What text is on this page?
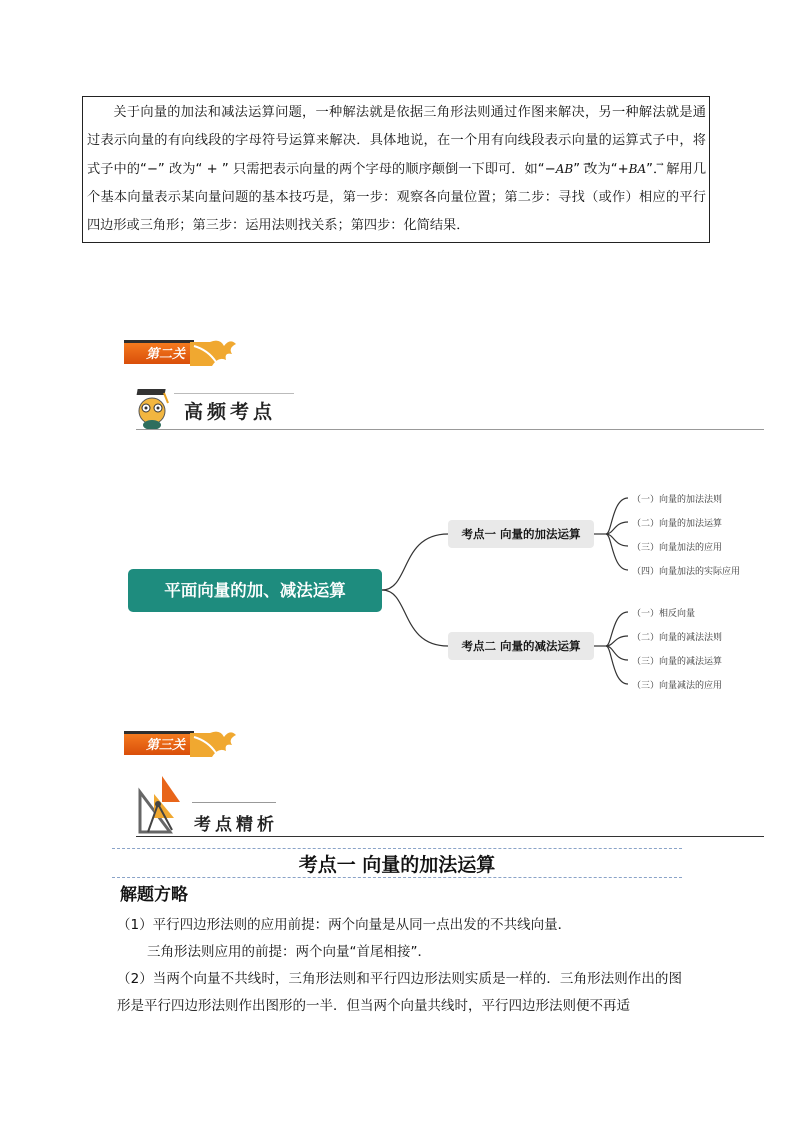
关于向量的加法和减法运算问题，一种解法就是依据三角形法则通过作图来解决，另一种解法就是通过表示向量的有向线段的字母符号运算来解决．具体地说，在一个用有向线段表示向量的运算式子中，将式子中的“−” 改为“ + ” 只需把表示向量的两个字母的顺序颠倒一下即可．如“−→ AB” 改为“+→ BA”．解用几个基本向量表示某向量问题的基本技巧是，第一步：观察各向量位置；第二步：寻找（或作）相应的平行四边形或三角形；第三步：运用法则找关系；第四步：化简结果．

第二关
高频考点
平面向量的加、减法运算
考点一 向量的加法运算
考点二 向量的减法运算
（一）向量的加法法则
（二）向量的加法运算
（三）向量加法的应用
（四）向量加法的实际应用
（一）相反向量
（二）向量的减法法则
（三）向量的减法运算
（三）向量减法的应用
第三关
考点精析
考点一 向量的加法运算
解题方略

（1）平行四边形法则的应用前提：两个向量是从同一点出发的不共线向量．

三角形法则应用的前提：两个向量“首尾相接”．

（2）当两个向量不共线时，三角形法则和平行四边形法则实质是一样的．三角形法则作出的图形是平行四边形法则作出图形的一半．但当两个向量共线时，平行四边形法则便不再适
